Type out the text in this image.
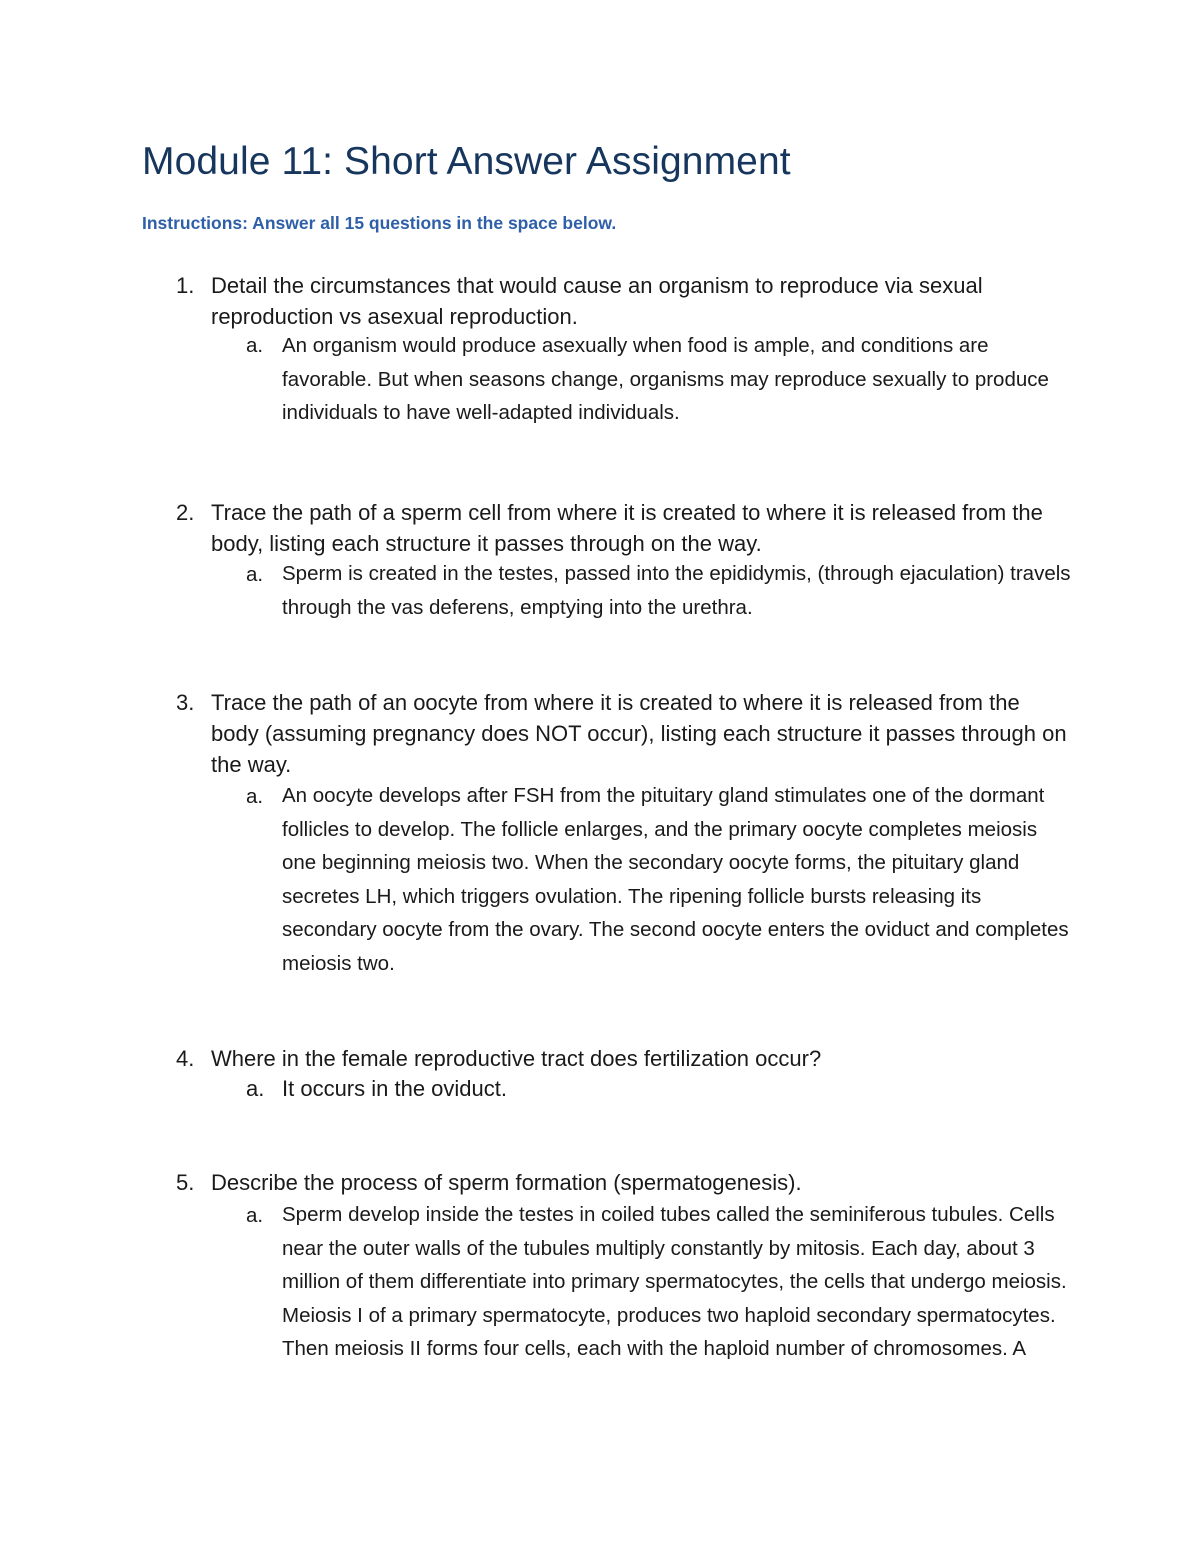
Module 11: Short Answer Assignment
Instructions: Answer all 15 questions in the space below.
1. Detail the circumstances that would cause an organism to reproduce via sexual reproduction vs asexual reproduction.
a. An organism would produce asexually when food is ample, and conditions are favorable. But when seasons change, organisms may reproduce sexually to produce individuals to have well-adapted individuals.
2. Trace the path of a sperm cell from where it is created to where it is released from the body, listing each structure it passes through on the way.
a. Sperm is created in the testes, passed into the epididymis, (through ejaculation) travels through the vas deferens, emptying into the urethra.
3. Trace the path of an oocyte from where it is created to where it is released from the body (assuming pregnancy does NOT occur), listing each structure it passes through on the way.
a. An oocyte develops after FSH from the pituitary gland stimulates one of the dormant follicles to develop. The follicle enlarges, and the primary oocyte completes meiosis one beginning meiosis two. When the secondary oocyte forms, the pituitary gland secretes LH, which triggers ovulation. The ripening follicle bursts releasing its secondary oocyte from the ovary. The second oocyte enters the oviduct and completes meiosis two.
4. Where in the female reproductive tract does fertilization occur?
a. It occurs in the oviduct.
5. Describe the process of sperm formation (spermatogenesis).
a. Sperm develop inside the testes in coiled tubes called the seminiferous tubules. Cells near the outer walls of the tubules multiply constantly by mitosis. Each day, about 3 million of them differentiate into primary spermatocytes, the cells that undergo meiosis. Meiosis I of a primary spermatocyte, produces two haploid secondary spermatocytes. Then meiosis II forms four cells, each with the haploid number of chromosomes. A
